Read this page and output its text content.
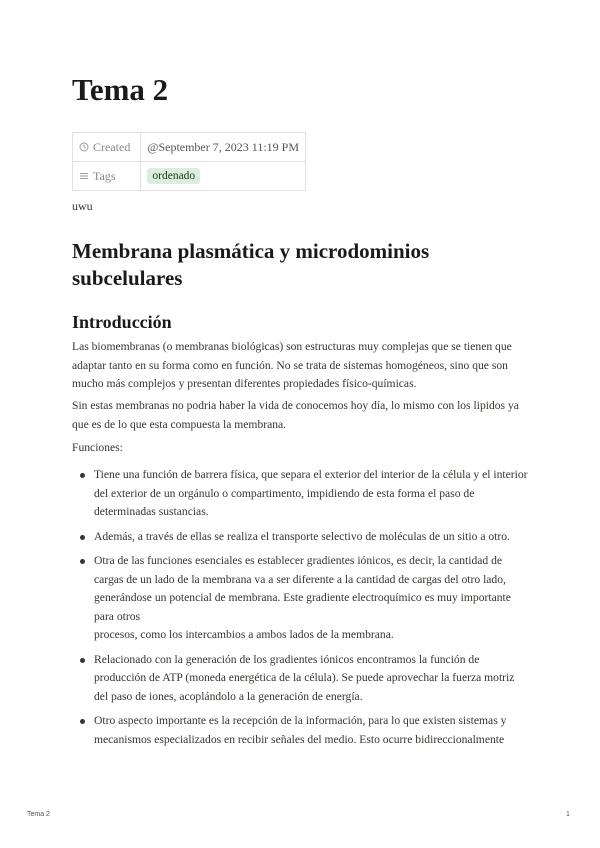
Tema 2
Created	@September 7, 2023 11:19 PM
Tags	ordenado
uwu
Membrana plasmática y microdominios subcelulares
Introducción

Las biomembranas (o membranas biológicas) son estructuras muy complejas que se tienen que adaptar tanto en su forma como en función. No se trata de sistemas homogéneos, sino que son mucho más complejos y presentan diferentes propiedades físico-químicas.

Sin estas membranas no podria haber la vida de conocemos hoy día, lo mismo con los lipidos ya que es de lo que esta compuesta la membrana.

Funciones:

Tiene una función de barrera física, que separa el exterior del interior de la célula y el interior del exterior de un orgánulo o compartimento, impidiendo de esta forma el paso de determinadas sustancias.
Además, a través de ellas se realiza el transporte selectivo de moléculas de un sitio a otro.
Otra de las funciones esenciales es establecer gradientes iónicos, es decir, la cantidad de cargas de un lado de la membrana va a ser diferente a la cantidad de cargas del otro lado, generándose un potencial de membrana. Este gradiente electroquímico es muy importante para otros
procesos, como los intercambios a ambos lados de la membrana.
Relacionado con la generación de los gradientes iónicos encontramos la función de producción de ATP (moneda energética de la célula). Se puede aprovechar la fuerza motriz del paso de iones, acoplándolo a la generación de energía.
Otro aspecto importante es la recepción de la información, para lo que existen sistemas y mecanismos especializados en recibir señales del medio. Esto ocurre bidireccionalmente
Tema 2	1
